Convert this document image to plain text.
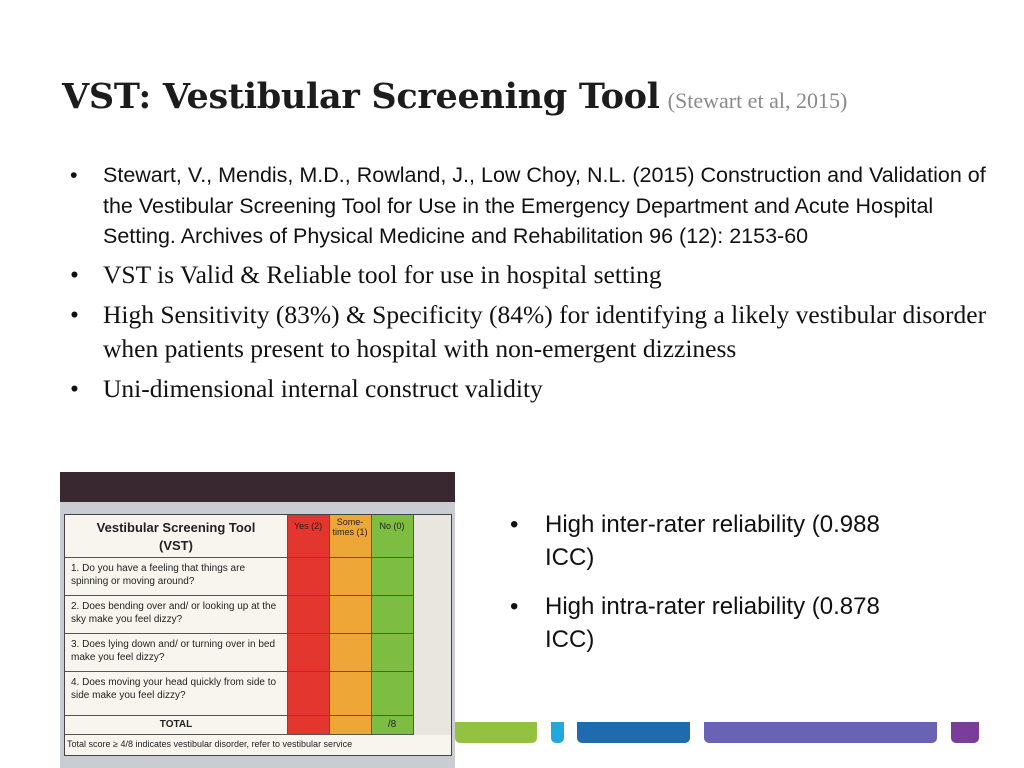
VST: Vestibular Screening Tool (Stewart et al, 2015)
• Stewart, V., Mendis, M.D., Rowland, J., Low Choy, N.L. (2015) Construction and Validation of the Vestibular Screening Tool for Use in the Emergency Department and Acute Hospital Setting. Archives of Physical Medicine and Rehabilitation 96 (12): 2153-60
• VST is Valid & Reliable tool for use in hospital setting
• High Sensitivity (83%) & Specificity (84%) for identifying a likely vestibular disorder when patients present to hospital with non-emergent dizziness
• Uni-dimensional internal construct validity
Yes (2)	Some-times (1)
No (0)
Vestibular Screening Tool
(VST)
1. Do you have a feeling that things are spinning or moving around?
2. Does bending over and/ or looking up at the sky make you feel dizzy?
3. Does lying down and/ or turning over in bed make you feel dizzy?
4. Does moving your head quickly from side to side make you feel dizzy?
TOTAL	/8
Total score ≥ 4/8 indicates vestibular disorder, refer to vestibular service
• High inter-rater reliability (0.988 ICC)
• High intra-rater reliability (0.878 ICC)
